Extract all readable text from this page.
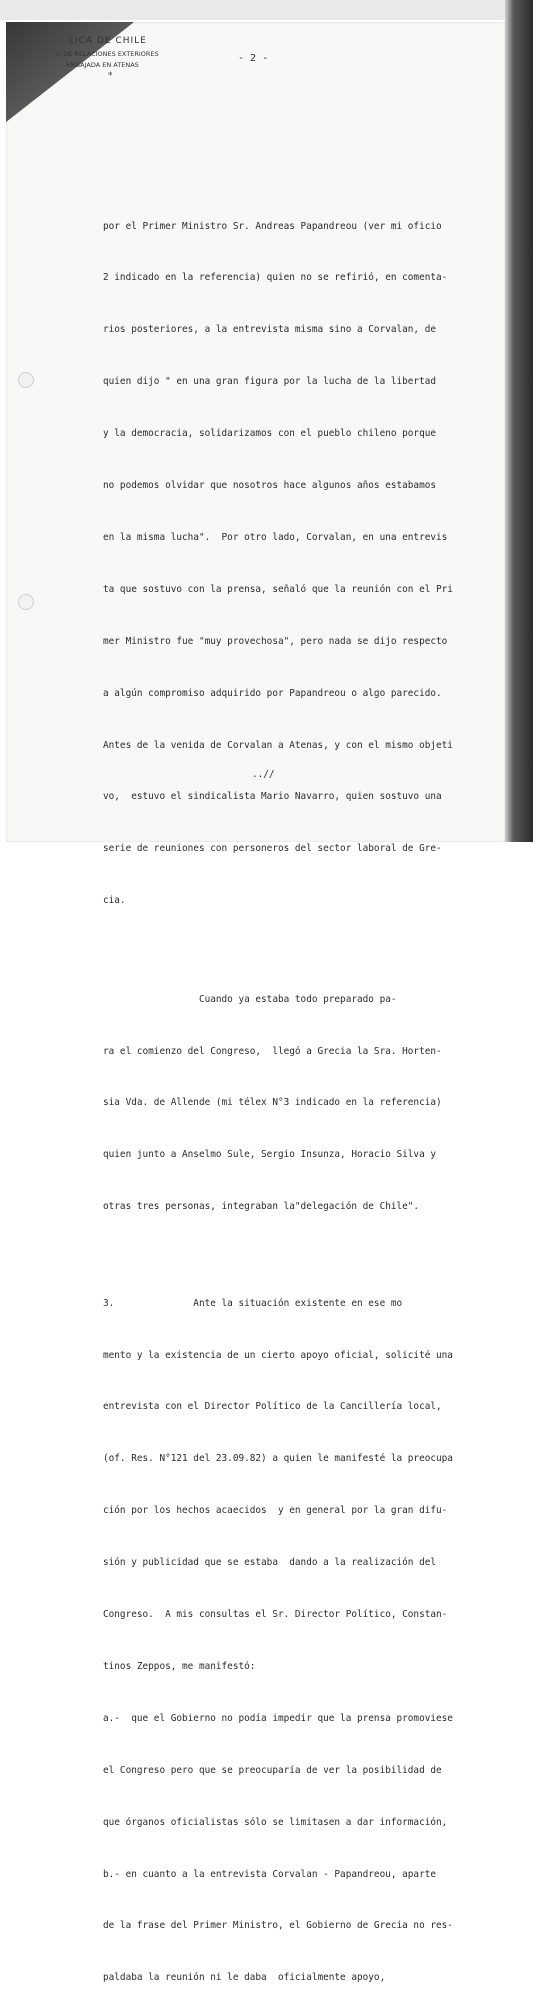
LICA DE CHILE
O DE RELACIONES EXTERIORES
EMBAJADA EN ATENAS
*
- 2 -

por el Primer Ministro Sr. Andreas Papandreou (ver mi oficio

2 indicado en la referencia) quien no se refirió, en comenta-

rios posteriores, a la entrevista misma sino a Corvalan, de

quien dijo " en una gran figura por la lucha de la libertad

y la democracia, solidarizamos con el pueblo chileno porque

no podemos olvidar que nosotros hace algunos años estabamos

en la misma lucha".  Por otro lado, Corvalan, en una entrevis

ta que sostuvo con la prensa, señaló que la reunión con el Pri

mer Ministro fue "muy provechosa", pero nada se dijo respecto

a algún compromiso adquirido por Papandreou o algo parecido.

Antes de la venida de Corvalan a Atenas, y con el mismo objeti

vo,  estuvo el sindicalista Mario Navarro, quien sostuvo una

serie de reuniones con personeros del sector laboral de Gre-

cia.

Cuando ya estaba todo preparado pa-

ra el comienzo del Congreso,  llegó a Grecia la Sra. Horten-

sia Vda. de Allende (mi télex N°3 indicado en la referencia)

quien junto a Anselmo Sule, Sergio Insunza, Horacio Silva y

otras tres personas, integraban la"delegación de Chile".

3.              Ante la situación existente en ese mo

mento y la existencia de un cierto apoyo oficial, solicité una

entrevista con el Director Político de la Cancillería local,

(of. Res. N°121 del 23.09.82) a quien le manifesté la preocupa

ción por los hechos acaecidos  y en general por la gran difu-

sión y publicidad que se estaba  dando a la realización del

Congreso.  A mis consultas el Sr. Director Político, Constan-

tinos Zeppos, me manifestó:

a.-  que el Gobierno no podía impedir que la prensa promoviese

el Congreso pero que se preocuparía de ver la posibilidad de

que órganos oficialistas sólo se limitasen a dar información,

b.- en cuanto a la entrevista Corvalan - Papandreou, aparte

de la frase del Primer Ministro, el Gobierno de Grecia no res-

paldaba la reunión ni le daba  oficialmente apoyo,

..//
